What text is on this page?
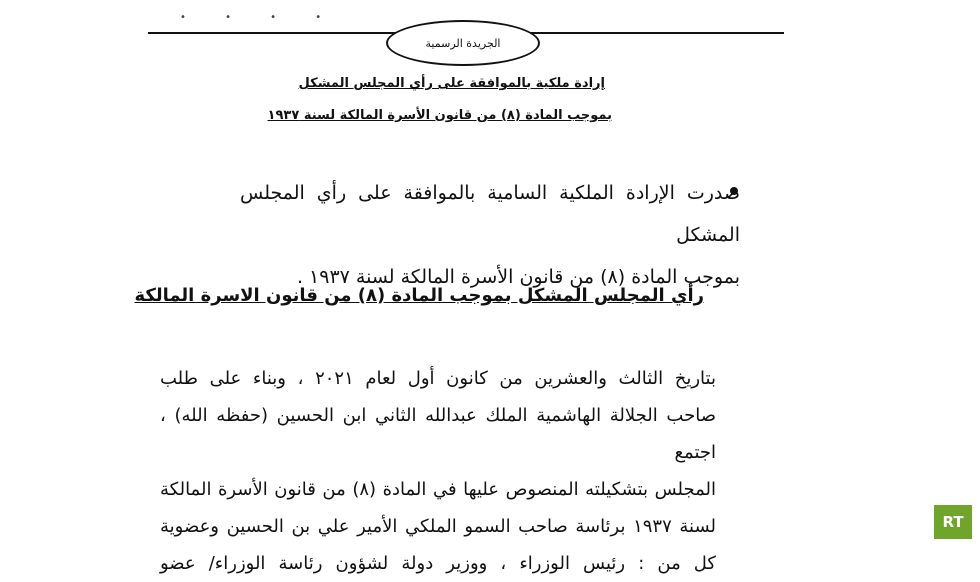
• • • •
الجريدة الرسمية
إرادة ملكية بالموافقة على رأي المجلس المشكل
بموجب المادة (٨) من قانون الأسرة المالكة لسنة ١٩٣٧
صدرت الإرادة الملكية السامية بالموافقة على رأي المجلس المشكل
بموجب المادة (٨) من قانون الأسرة المالكة لسنة ١٩٣٧ .
رأي المجلس المشكل بموجب المادة (٨) من قانون الاسرة المالكة
بتاريخ الثالث والعشرين من كانون أول لعام ٢٠٢١ ، وبناء على طلب
صاحب الجلالة الهاشمية الملك عبدالله الثاني ابن الحسين (حفظه الله) ، اجتمع
المجلس بتشكيلته المنصوص عليها في المادة (٨) من قانون الأسرة المالكة
لسنة ١٩٣٧ برئاسة صاحب السمو الملكي الأمير علي بن الحسين وعضوية
كل من : رئيس الوزراء ، ووزير دولة لشؤون رئاسة الوزراء/ عضو
RT
